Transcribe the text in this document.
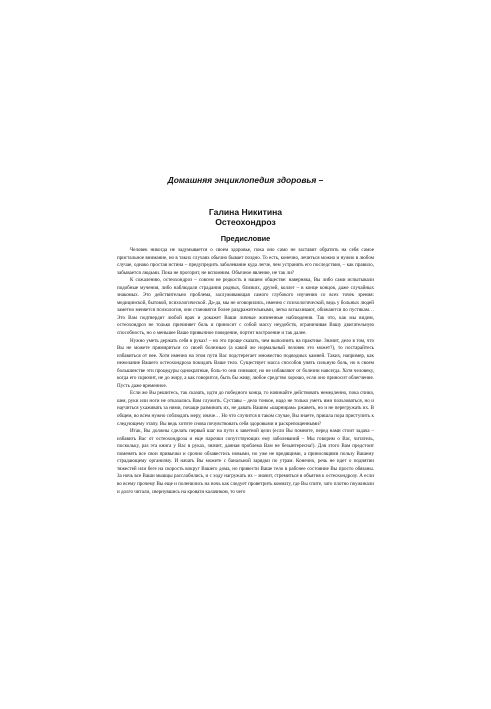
Домашняя энциклопедия здоровья –
Галина Никитина
Остеохондроз
Предисловие

Человек никогда не задумывается о своем здоровье, пока оно само не заставит обратить на себя самое пристальное внимание, но в таких случаях обычно бывает поздно. То есть, конечно, лечиться можно и нужно в любом случае, однако простая истина – предупредить заболевание куда легче, чем устранять его последствия, – как правило, забывается людьми. Пока не прогорит, не вспомним. Обычное явление, не так ли?

К сожалению, остеохондроз – совсем не редкость в нашем обществе: наверняка, Вы либо сами испытывали подобные мучения, либо наблюдали страдания родных, близких, друзей, коллег – в конце концов, даже случайных знакомых. Это действительно проблема, заслуживающая самого глубокого изучения со всех точек зрения: медицинской, бытовой, психологической. Да-да, мы не оговорились, именно с психологической, ведь у больных людей заметно меняется психология, они становятся более раздражительными, легко вспыхивают, обижаются по пустякам… Это Вам подтвердит любой врач и докажет Ваши личные жизненные наблюдения. Так что, как мы видим, остеохондроз не только причиняет боль и приносит с собой массу неудобств, ограничивая Вашу двигательную способность, но о меньшее Ваше привычное поведение, портит настроение и так далее.

Нужно уметь держать себя в руках! – но это проще сказать, чем выполнить на практике. Значит, дело в том, что Вы не можете примириться со своей болезнью (а какой же нормальный человек это может?), то постарайтесь избавиться от нее. Хотя именно на этом пути Вас подстерегает множество подводных камней. Таких, например, как нежелание Вашего остеохондроза покидать Ваше тело. Существует масса способов унять сильную боль, но в своем большинстве эти процедуры однократные, боль-то они снимают, но не избавляют от болезни навсегда. Хотя человеку, когда его скрючит, не до жиру, а как говорится, быть бы живу, любое средство хорошо, если оно приносит облегчение. Пусть даже временное.

Если же Вы решитесь, так сказать, идти до победного конца, то начинайте действовать немедленно, пока спина, шея, руки или ноги не отказались Вам служить. Суставы – дело тонкое, надо не только уметь ими пользоваться, но и научиться ухаживать за ними, почаще разминать их, не давать Вашим «шарнирам» ржаветь, но и не перегружать их. В общем, во всем нужно соблюдать меру, иначе… Но что случится в таком случае, Вы знаете, пришла пора приступить к следующему этапу. Вы ведь хотите снова почувствовать себя здоровыми и раскрепощенными?

Итак, Вы должны сделать первый шаг на пути к заветной цели (если Вы помните, перед нами стоит задача – избавить Вас от остеохондроза и еще парочки сопутствующих ему заболеваний – Мы говорим о Вас, читатель, поскольку, раз эта книга у Вас в руках, значит, данная проблема Вам не безынтересна!). Для этого Вам предстоит поменять все свои привычки и срочно обзавестись новыми, но уже не вредящими, а приносящими пользу Вашему страдающему организму. И начать Вы можете с банальной зарядки по утрам. Конечно, речь не идет о поднятии тяжестей или беге на скорость вокруг Вашего дома, но привести Ваше тело в рабочее состояние Вы просто обязаны. За ночь все Ваши мышцы расслабились, и с ходу нагружать их – значит, стремиться в объятия к остеохондрозу. А если во всему прочему Вы еще и поленились на ночь как следует проветрить комнату, где Вы спите, зато плотно поужинали и долго читали, свернувшись на кровати калачиком, то чего
